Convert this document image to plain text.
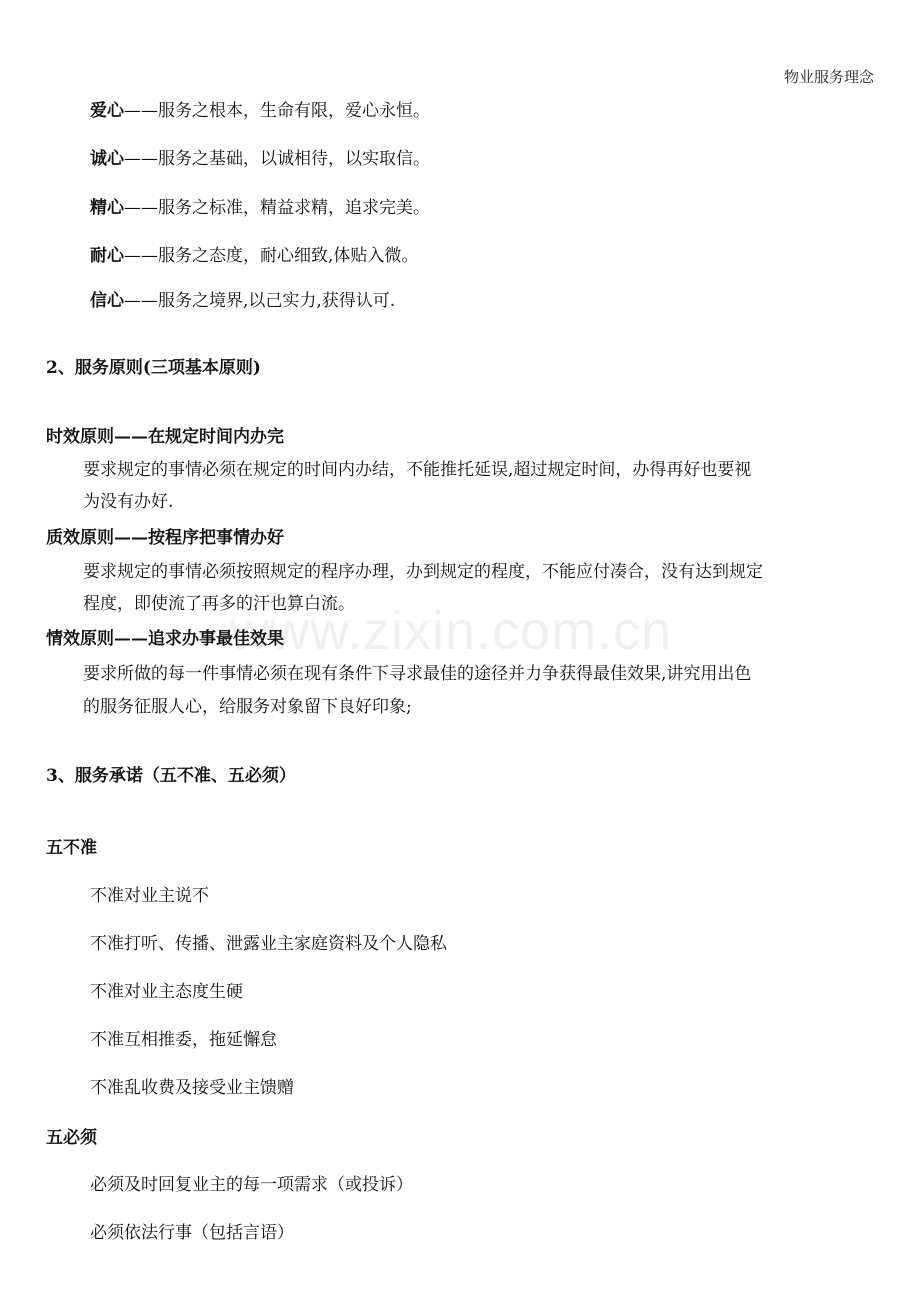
物业服务理念
爱心——服务之根本，生命有限，爱心永恒。
诚心——服务之基础，以诚相待，以实取信。
精心——服务之标准，精益求精，追求完美。
耐心——服务之态度，耐心细致,体贴入微。
信心——服务之境界,以己实力,获得认可.
2、服务原则(三项基本原则)
时效原则——在规定时间内办完
要求规定的事情必须在规定的时间内办结，不能推托延误,超过规定时间，办得再好也要视
为没有办好.
质效原则——按程序把事情办好
要求规定的事情必须按照规定的程序办理，办到规定的程度，不能应付凑合，没有达到规定
程度，即使流了再多的汗也算白流。
情效原则——追求办事最佳效果
要求所做的每一件事情必须在现有条件下寻求最佳的途径并力争获得最佳效果,讲究用出色
的服务征服人心，给服务对象留下良好印象;
3、服务承诺（五不准、五必须）
五不准
不准对业主说不
不准打听、传播、泄露业主家庭资料及个人隐私
不准对业主态度生硬
不准互相推委，拖延懈怠
不准乱收费及接受业主馈赠
五必须
必须及时回复业主的每一项需求（或投诉）
必须依法行事（包括言语）
www.zixin.com.cn
